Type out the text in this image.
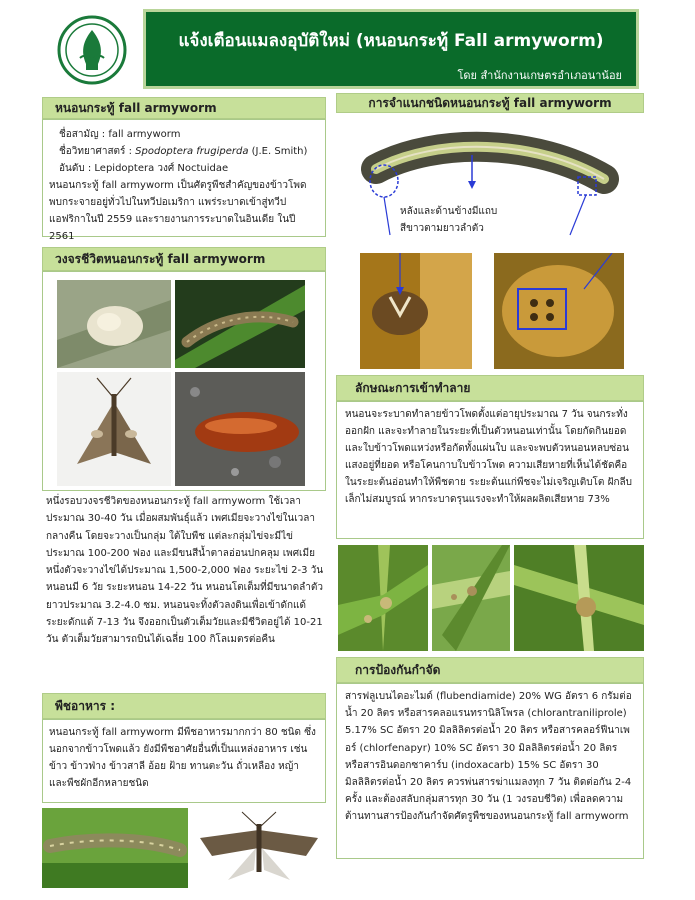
แจ้งเตือนแมลงอุบัติใหม่ (หนอนกระทู้ Fall armyworm)
โดย สำนักงานเกษตรอำเภอนาน้อย
หนอนกระทู้ fall armyworm

ชื่อสามัญ : fall armyworm

ชื่อวิทยาศาสตร์ : Spodoptera frugiperda (J.E. Smith)

อันดับ : Lepidoptera วงศ์ Noctuidae

หนอนกระทู้ fall armyworm เป็นศัตรูพืชสำคัญของข้าวโพด พบกระจายอยู่ทั่วไปในทวีปอเมริกา แพร่ระบาดเข้าสู่ทวีปแอฟริกาในปี 2559 และรายงานการระบาดในอินเดีย ในปี 2561

วงจรชีวิตหนอนกระทู้ fall armyworm

หนึ่งรอบวงจรชีวิตของหนอนกระทู้ fall armyworm ใช้เวลาประมาณ 30-40 วัน เมื่อผสมพันธุ์แล้ว เพศเมียจะวางไข่ในเวลากลางคืน โดยจะวางเป็นกลุ่ม ใต้ใบพืช แต่ละกลุ่มไข่จะมีไข่ประมาณ 100-200 ฟอง และมีขนสีน้ำตาลอ่อนปกคลุม เพศเมียหนึ่งตัวจะวางไข่ได้ประมาณ 1,500-2,000 ฟอง ระยะไข่ 2-3 วัน หนอนมี 6 วัย ระยะหนอน 14-22 วัน หนอนโตเต็มที่มีขนาดลำตัวยาวประมาณ 3.2-4.0 ซม. หนอนจะทิ้งตัวลงดินเพื่อเข้าดักแด้ ระยะดักแด้ 7-13 วัน จึงออกเป็นตัวเต็มวัยและมีชีวิตอยู่ได้ 10-21 วัน ตัวเต็มวัยสามารถบินได้เฉลี่ย 100 กิโลเมตรต่อคืน

พืชอาหาร :

หนอนกระทู้ fall armyworm มีพืชอาหารมากกว่า 80 ชนิด ซึ่งนอกจากข้าวโพดแล้ว ยังมีพืชอาศัยอื่นที่เป็นแหล่งอาหาร เช่น ข้าว ข้าวฟ่าง ข้าวสาลี อ้อย ฝ้าย ทานตะวัน ถั่วเหลือง หญ้า และพืชผักอีกหลายชนิด

การจำแนกชนิดหนอนกระทู้ fall armyworm
หลังและด้านข้างมีแถบ
สีขาวตามยาวลำตัว
ลักษณะการเข้าทำลาย

หนอนจะระบาดทำลายข้าวโพดตั้งแต่อายุประมาณ 7 วัน จนกระทั่งออกฝัก และจะทำลายในระยะที่เป็นตัวหนอนเท่านั้น โดยกัดกินยอดและใบข้าวโพดแหว่งหรือกัดทั้งแผ่นใบ และจะพบตัวหนอนหลบซ่อนแสงอยู่ที่ยอด หรือโคนกาบใบข้าวโพด ความเสียหายที่เห็นได้ชัดคือ ในระยะต้นอ่อนทำให้พืชตาย ระยะต้นแก่พืชจะไม่เจริญเติบโต ฝักลีบเล็กไม่สมบูรณ์ หากระบาดรุนแรงจะทำให้ผลผลิตเสียหาย 73%

การป้องกันกำจัด

สารฟลูเบนไดอะไมด์ (flubendiamide) 20% WG อัตรา 6 กรัมต่อน้ำ 20 ลิตร หรือสารคลอแรนทรานิลิโพรล (chlorantraniliprole) 5.17% SC อัตรา 20 มิลลิลิตรต่อน้ำ 20 ลิตร หรือสารคลอร์ฟีนาเพอร์ (chlorfenapyr) 10% SC อัตรา 30 มิลลิลิตรต่อน้ำ 20 ลิตร หรือสารอินดอกซาคาร์บ (indoxacarb) 15% SC อัตรา 30 มิลลิลิตรต่อน้ำ 20 ลิตร ควรพ่นสารฆ่าแมลงทุก 7 วัน ติดต่อกัน 2-4 ครั้ง และต้องสลับกลุ่มสารทุก 30 วัน (1 วงรอบชีวิต) เพื่อลดความต้านทานสารป้องกันกำจัดศัตรูพืชของหนอนกระทู้ fall armyworm
